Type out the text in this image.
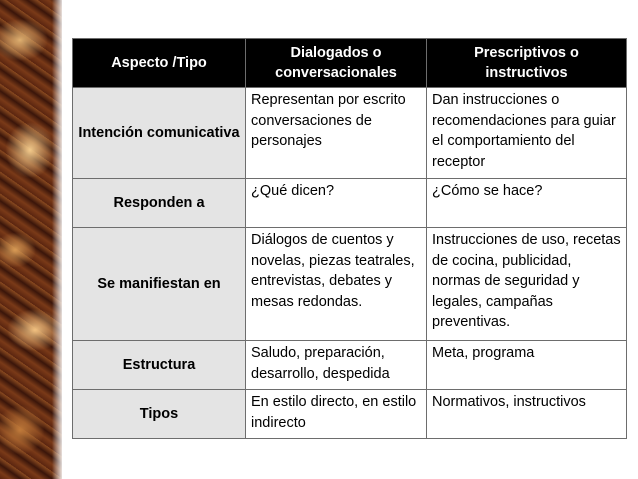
Aspecto /Tipo	Dialogados o conversacionales	Prescriptivos o instructivos
Intención comunicativa	Representan por escrito conversaciones de personajes	Dan instrucciones o recomendaciones para guiar el comportamiento del receptor
Responden a	¿Qué dicen?	¿Cómo se hace?
Se manifiestan en	Diálogos de cuentos y novelas, piezas teatrales, entrevistas, debates y mesas redondas.	Instrucciones de uso, recetas de cocina, publicidad, normas de seguridad y legales, campañas preventivas.
Estructura	Saludo, preparación, desarrollo, despedida	Meta, programa
Tipos	En estilo directo, en estilo indirecto	Normativos, instructivos
